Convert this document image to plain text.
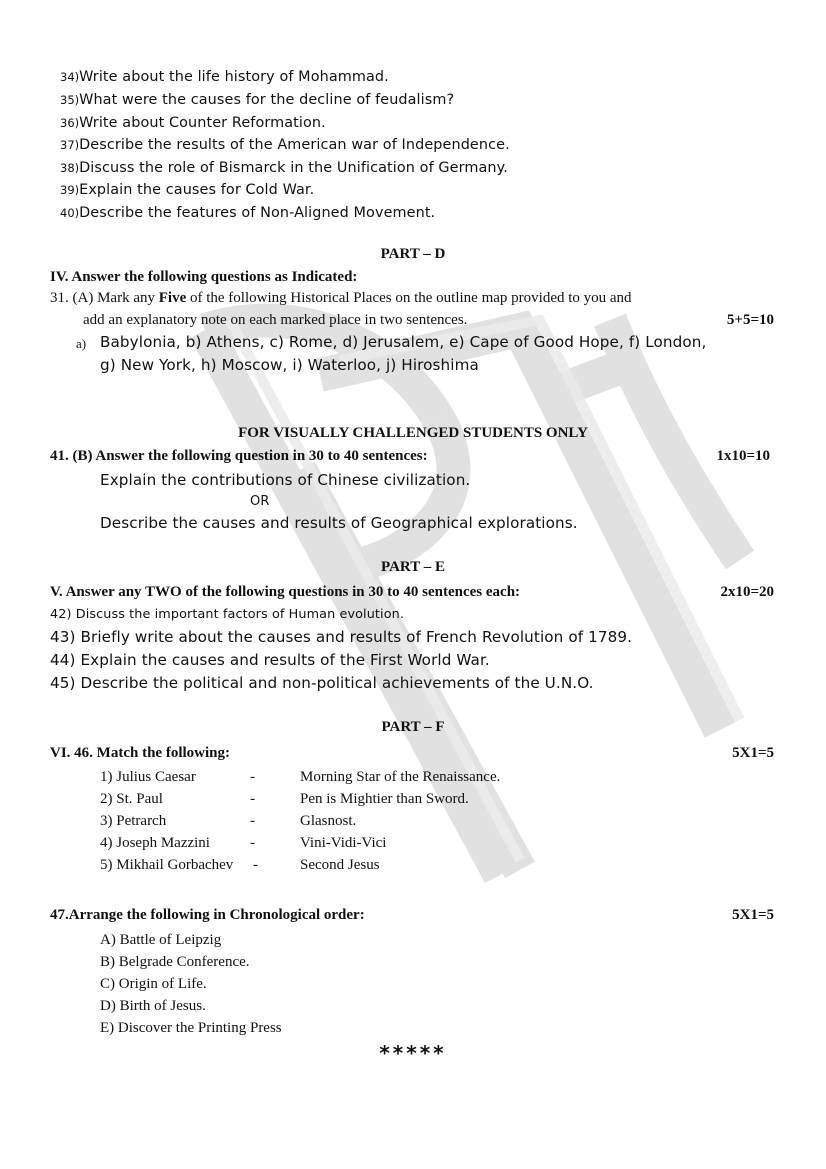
34)Write about the life history of Mohammad.
35)What were the causes for the decline of feudalism?
36)Write about Counter Reformation.
37)Describe the results of the American war of Independence.
38)Discuss the role of Bismarck in the Unification of Germany.
39)Explain the causes for Cold War.
40)Describe the features of Non-Aligned Movement.
PART – D
IV. Answer the following questions as Indicated:
31. (A) Mark any Five of the following Historical Places on the outline map provided to you and
add an explanatory note on each marked place in two sentences.	5+5=10
a) Babylonia, b) Athens, c) Rome, d) Jerusalem, e) Cape of Good Hope, f) London,
g) New York, h) Moscow, i) Waterloo, j) Hiroshima
FOR VISUALLY CHALLENGED STUDENTS ONLY
41. (B) Answer the following question in 30 to 40 sentences:	1x10=10
Explain the contributions of Chinese civilization.
OR
Describe the causes and results of Geographical explorations.
PART – E
V. Answer any TWO of the following questions in 30 to 40 sentences each:	2x10=20
42) Discuss the important factors of Human evolution.
43) Briefly write about the causes and results of French Revolution of 1789.
44) Explain the causes and results of the First World War.
45) Describe the political and non-political achievements of the U.N.O.
PART – F
VI. 46. Match the following:	5X1=5
1) Julius Caesar	-	Morning Star of the Renaissance.
2) St. Paul	-	Pen is Mightier than Sword.
3) Petrarch	-	Glasnost.
4) Joseph Mazzini	-	Vini-Vidi-Vici
5) Mikhail Gorbachev -	Second Jesus
47.Arrange the following in Chronological order:	5X1=5
A) Battle of Leipzig
B) Belgrade Conference.
C) Origin of Life.
D) Birth of Jesus.
E) Discover the Printing Press
*****
